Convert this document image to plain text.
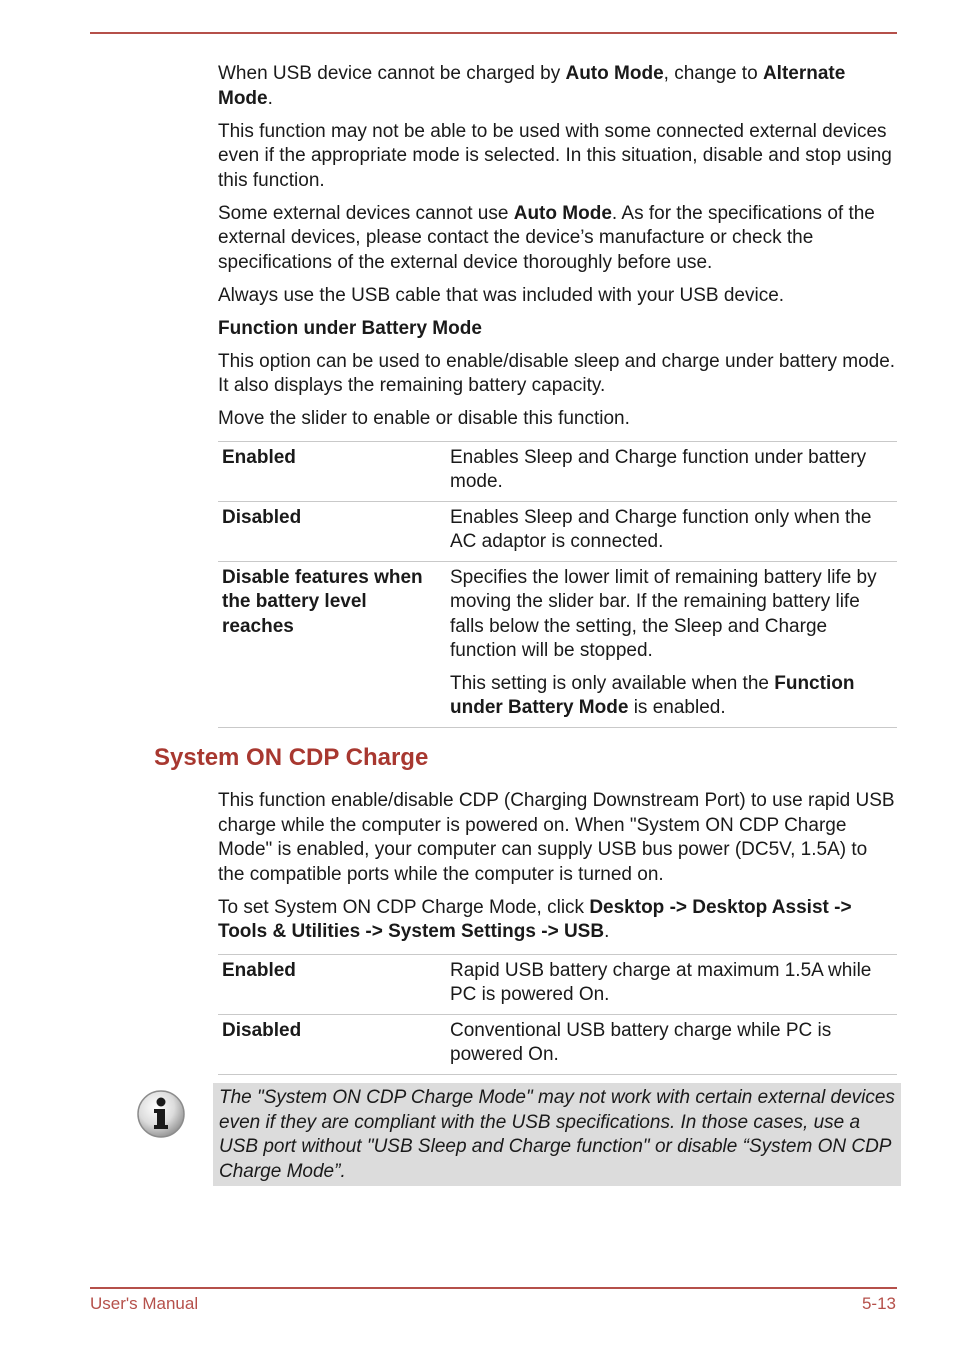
When USB device cannot be charged by Auto Mode, change to Alternate Mode.

This function may not be able to be used with some connected external devices even if the appropriate mode is selected. In this situation, disable and stop using this function.

Some external devices cannot use Auto Mode. As for the specifications of the external devices, please contact the device’s manufacture or check the specifications of the external device thoroughly before use.

Always use the USB cable that was included with your USB device.

Function under Battery Mode

This option can be used to enable/disable sleep and charge under battery mode. It also displays the remaining battery capacity.

Move the slider to enable or disable this function.

Enabled	Enables Sleep and Charge function under battery mode.
Disabled	Enables Sleep and Charge function only when the AC adaptor is connected.
Disable features when the battery level reaches	Specifies the lower limit of remaining battery life by moving the slider bar. If the remaining battery life falls below the setting, the Sleep and Charge function will be stopped.

This setting is only available when the Function under Battery Mode is enabled.

System ON CDP Charge

This function enable/disable CDP (Charging Downstream Port) to use rapid USB charge while the computer is powered on. When "System ON CDP Charge Mode" is enabled, your computer can supply USB bus power (DC5V, 1.5A) to the compatible ports while the computer is turned on.

To set System ON CDP Charge Mode, click Desktop -> Desktop Assist -> Tools & Utilities -> System Settings -> USB.

Enabled	Rapid USB battery charge at maximum 1.5A while PC is powered On.
Disabled	Conventional USB battery charge while PC is powered On.

The "System ON CDP Charge Mode" may not work with certain external devices even if they are compliant with the USB specifications. In those cases, use a USB port without "USB Sleep and Charge function" or disable “System ON CDP Charge Mode”.

User's Manual	5-13
